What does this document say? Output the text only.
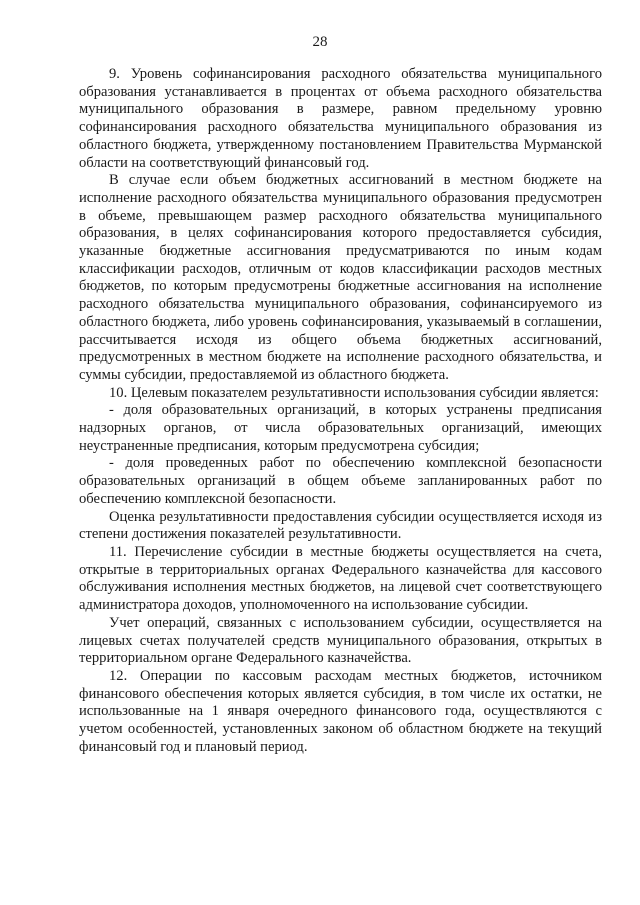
28

9. Уровень софинансирования расходного обязательства муниципального образования устанавливается в процентах от объема расходного обязательства муниципального образования в размере, равном предельному уровню софинансирования расходного обязательства муниципального образования из областного бюджета, утвержденному постановлением Правительства Мурманской области на соответствующий финансовый год.

В случае если объем бюджетных ассигнований в местном бюджете на исполнение расходного обязательства муниципального образования предусмотрен в объеме, превышающем размер расходного обязательства муниципального образования, в целях софинансирования которого предоставляется субсидия, указанные бюджетные ассигнования предусматриваются по иным кодам классификации расходов, отличным от кодов классификации расходов местных бюджетов, по которым предусмотрены бюджетные ассигнования на исполнение расходного обязательства муниципального образования, софинансируемого из областного бюджета, либо уровень софинансирования, указываемый в соглашении, рассчитывается исходя из общего объема бюджетных ассигнований, предусмотренных в местном бюджете на исполнение расходного обязательства, и суммы субсидии, предоставляемой из областного бюджета.

10. Целевым показателем результативности использования субсидии является:

- доля образовательных организаций, в которых устранены предписания надзорных органов, от числа образовательных организаций, имеющих неустраненные предписания, которым предусмотрена субсидия;

- доля проведенных работ по обеспечению комплексной безопасности образовательных организаций в общем объеме запланированных работ по обеспечению комплексной безопасности.

Оценка результативности предоставления субсидии осуществляется исходя из степени достижения показателей результативности.

11. Перечисление субсидии в местные бюджеты осуществляется на счета, открытые в территориальных органах Федерального казначейства для кассового обслуживания исполнения местных бюджетов, на лицевой счет соответствующего администратора доходов, уполномоченного на использование субсидии.

Учет операций, связанных с использованием субсидии, осуществляется на лицевых счетах получателей средств муниципального образования, открытых в территориальном органе Федерального казначейства.

12. Операции по кассовым расходам местных бюджетов, источником финансового обеспечения которых является субсидия, в том числе их остатки, не использованные на 1 января очередного финансового года, осуществляются с учетом особенностей, установленных законом об областном бюджете на текущий финансовый год и плановый период.
